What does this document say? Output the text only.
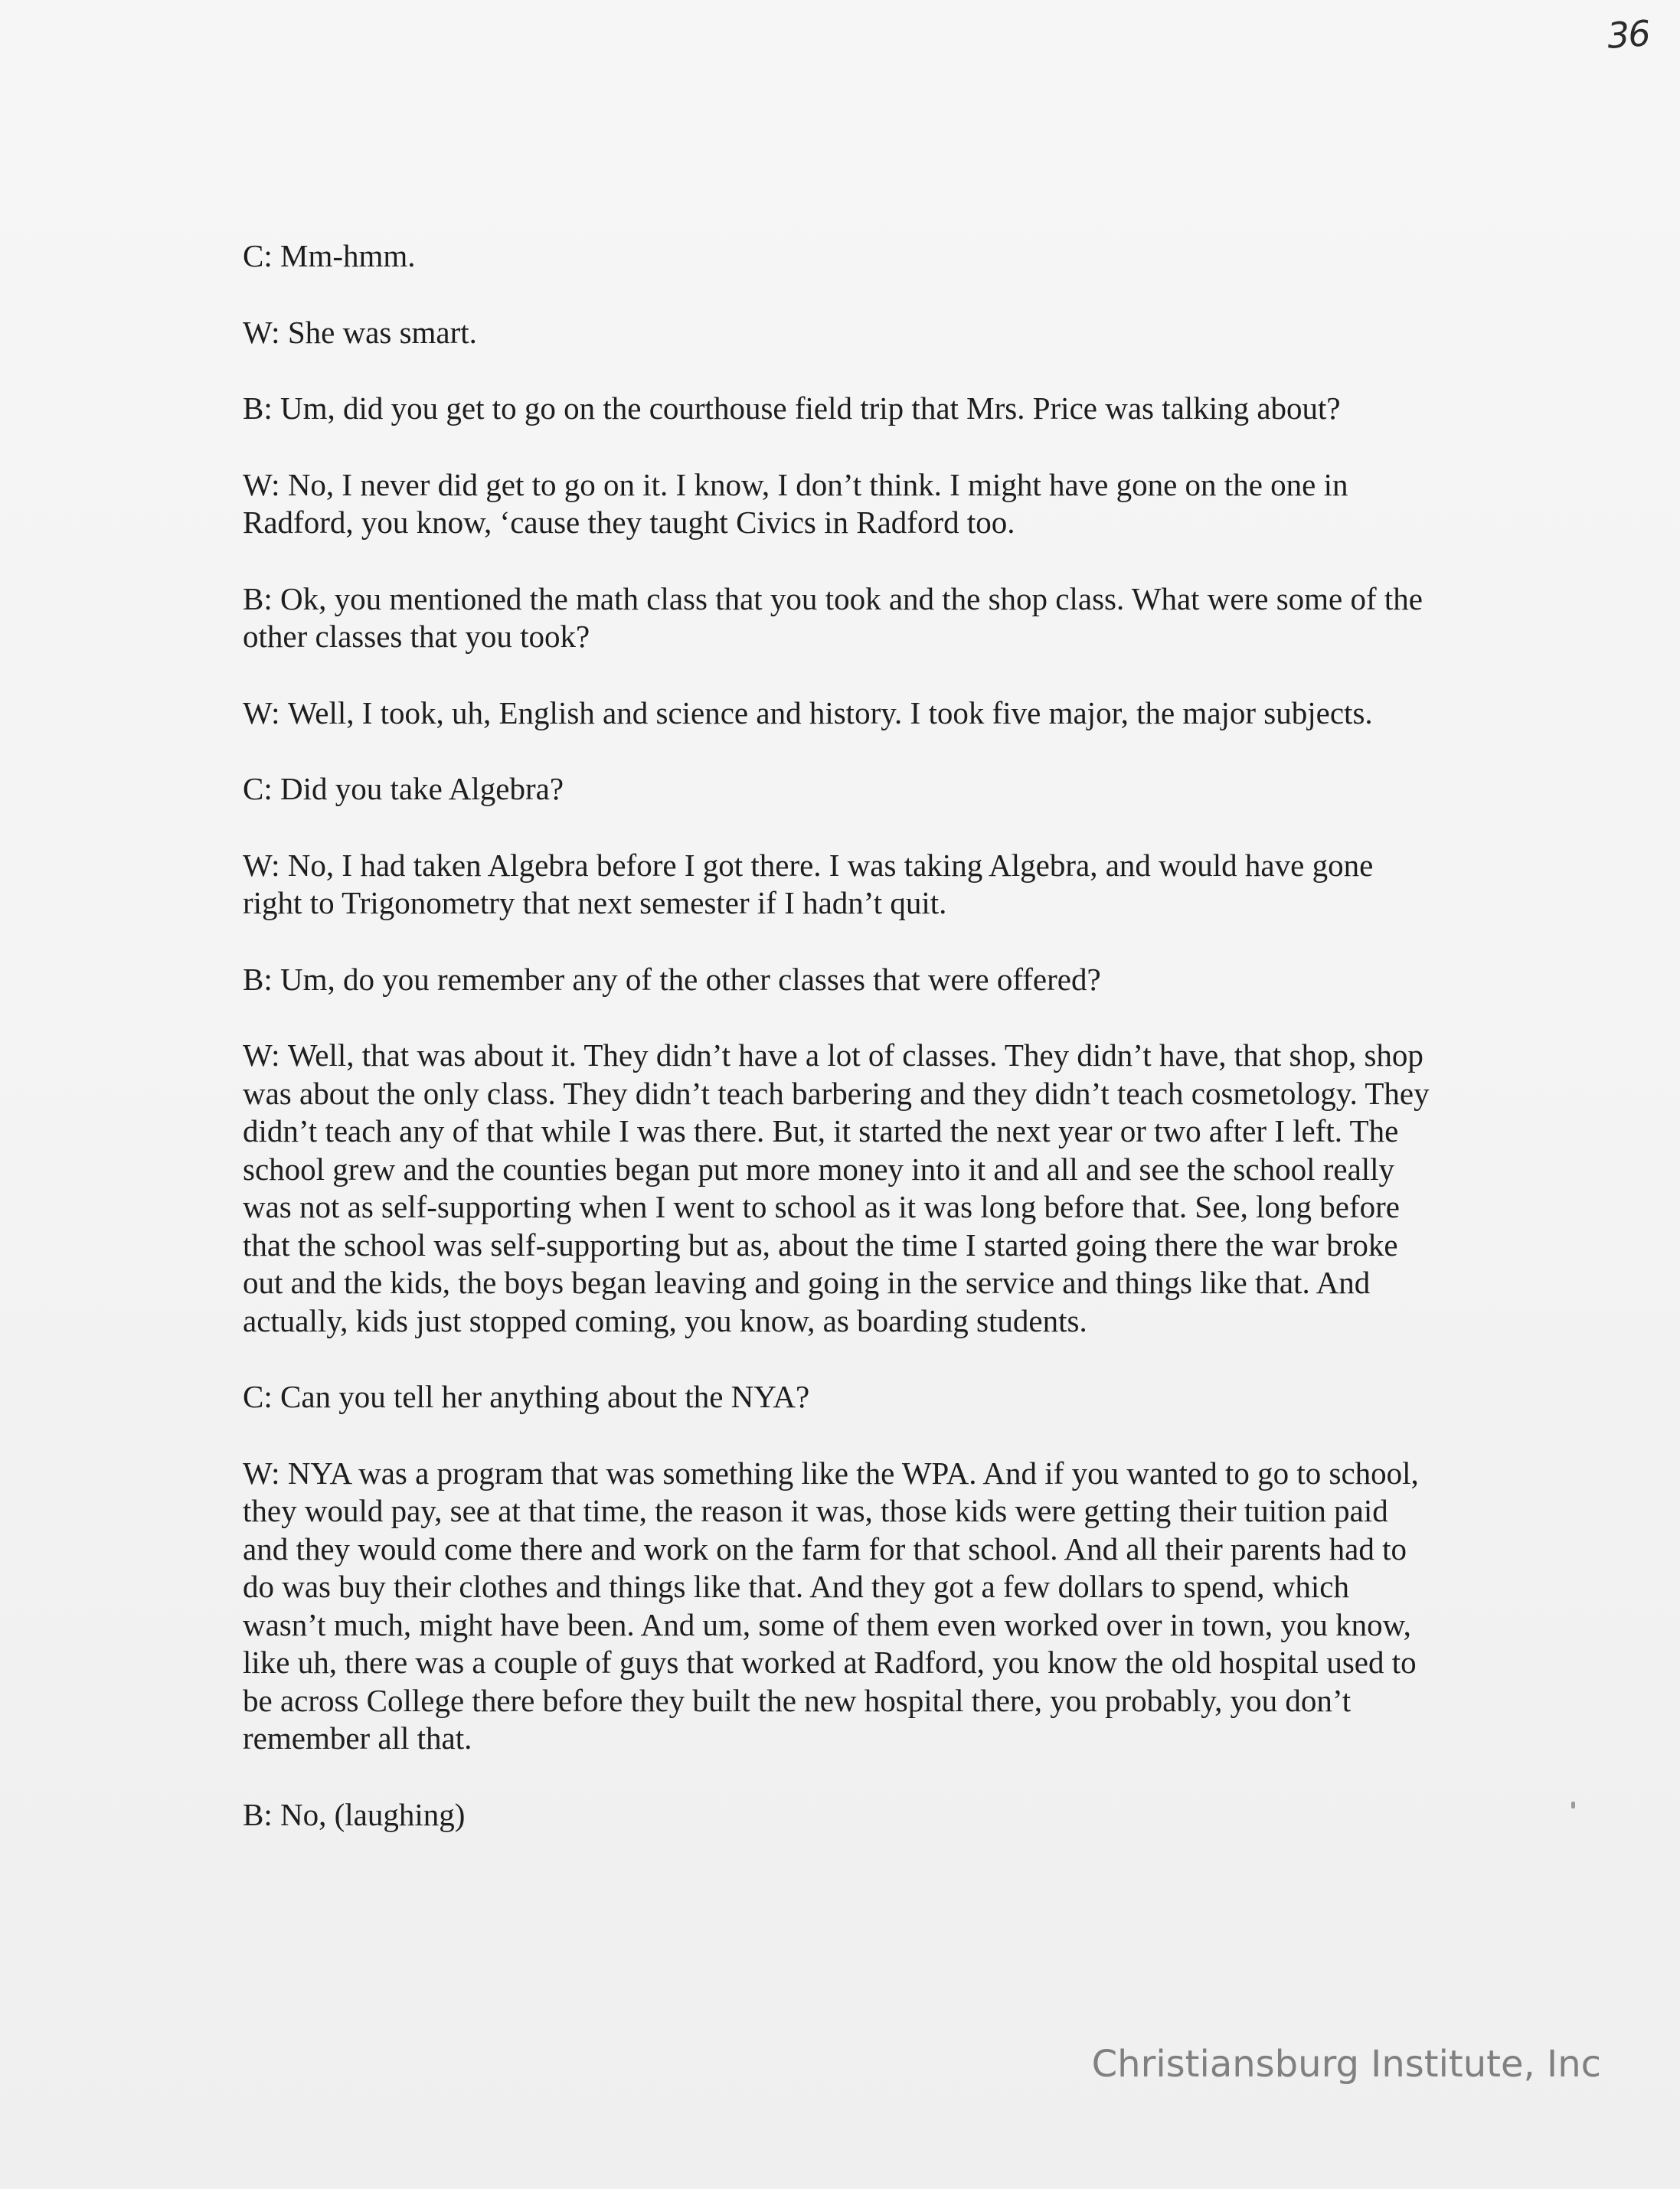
36

C: Mm-hmm.

W: She was smart.

B: Um, did you get to go on the courthouse field trip that Mrs. Price was talking about?

W: No, I never did get to go on it. I know, I don’t think. I might have gone on the one in Radford, you know, ‘cause they taught Civics in Radford too.

B: Ok, you mentioned the math class that you took and the shop class. What were some of the other classes that you took?

W: Well, I took, uh, English and science and history. I took five major, the major subjects.

C: Did you take Algebra?

W: No, I had taken Algebra before I got there. I was taking Algebra, and would have gone right to Trigonometry that next semester if I hadn’t quit.

B: Um, do you remember any of the other classes that were offered?

W: Well, that was about it. They didn’t have a lot of classes. They didn’t have, that shop, shop was about the only class. They didn’t teach barbering and they didn’t teach cosmetology. They didn’t teach any of that while I was there. But, it started the next year or two after I left. The school grew and the counties began put more money into it and all and see the school really was not as self-supporting when I went to school as it was long before that. See, long before that the school was self-supporting but as, about the time I started going there the war broke out and the kids, the boys began leaving and going in the service and things like that. And actually, kids just stopped coming, you know, as boarding students.

C: Can you tell her anything about the NYA?

W: NYA was a program that was something like the WPA. And if you wanted to go to school, they would pay, see at that time, the reason it was, those kids were getting their tuition paid and they would come there and work on the farm for that school. And all their parents had to do was buy their clothes and things like that. And they got a few dollars to spend, which wasn’t much, might have been. And um, some of them even worked over in town, you know, like uh, there was a couple of guys that worked at Radford, you know the old hospital used to be across College there before they built the new hospital there, you probably, you don’t remember all that.

B: No, (laughing)

Christiansburg Institute, Inc
